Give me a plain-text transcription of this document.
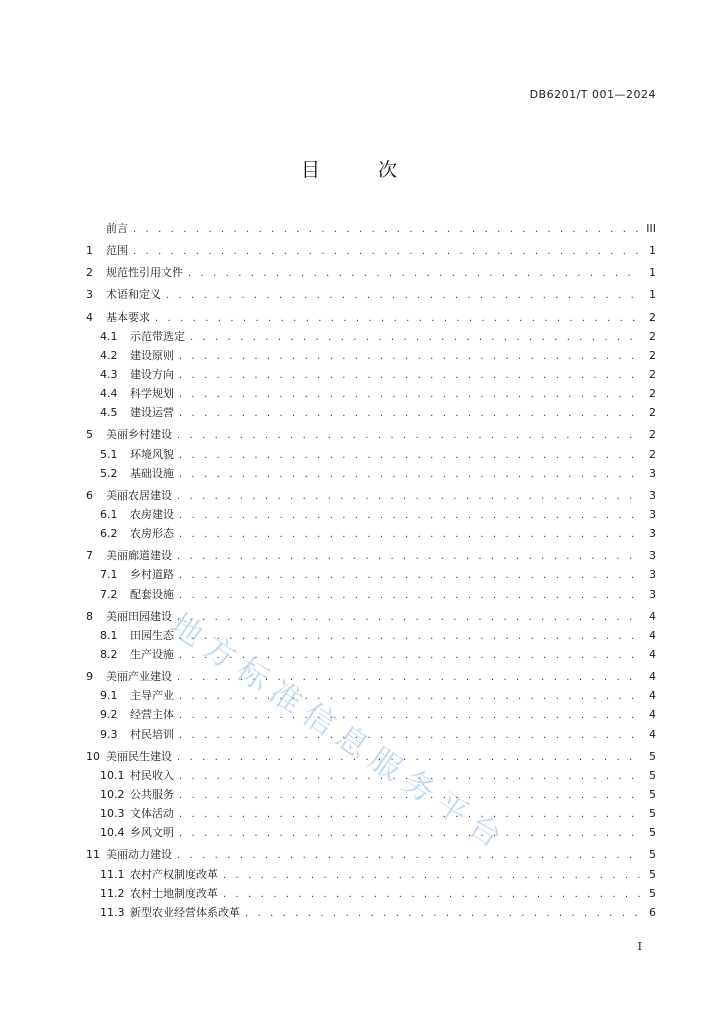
DB6201/T 001—2024
目 次
前言 . . .	III
1	范围 . . .	1
2	规范性引用文件 . . .	1
3	术语和定义 . . .	1
4	基本要求 . . .	2
4.1	示范带选定 . . .	2
4.2	建设原则 . . .	2
4.3	建设方向 . . .	2
4.4	科学规划 . . .	2
4.5	建设运营 . . .	2
5	美丽乡村建设 . . .	2
5.1	环境风貌 . . .	2
5.2	基础设施 . . .	3
6	美丽农居建设 . . .	3
6.1	农房建设 . . .	3
6.2	农房形态 . . .	3
7	美丽廊道建设 . . .	3
7.1	乡村道路 . . .	3
7.2	配套设施 . . .	3
8	美丽田园建设 . . .	4
8.1	田园生态 . . .	4
8.2	生产设施 . . .	4
9	美丽产业建设 . . .	4
9.1	主导产业 . . .	4
9.2	经营主体 . . .	4
9.3	村民培训 . . .	4
10 美丽民生建设 . . .	5
10.1 村民收入 . . .	5
10.2 公共服务 . . .	5
10.3 文体活动 . . .	5
10.4 乡风文明 . . .	5
11 美丽动力建设 . . .	5
11.1 农村产权制度改革 . . .	5
11.2 农村土地制度改革 . . .	5
11.3 新型农业经营体系改革 . . .	6
I
地方标准信息服务平台
